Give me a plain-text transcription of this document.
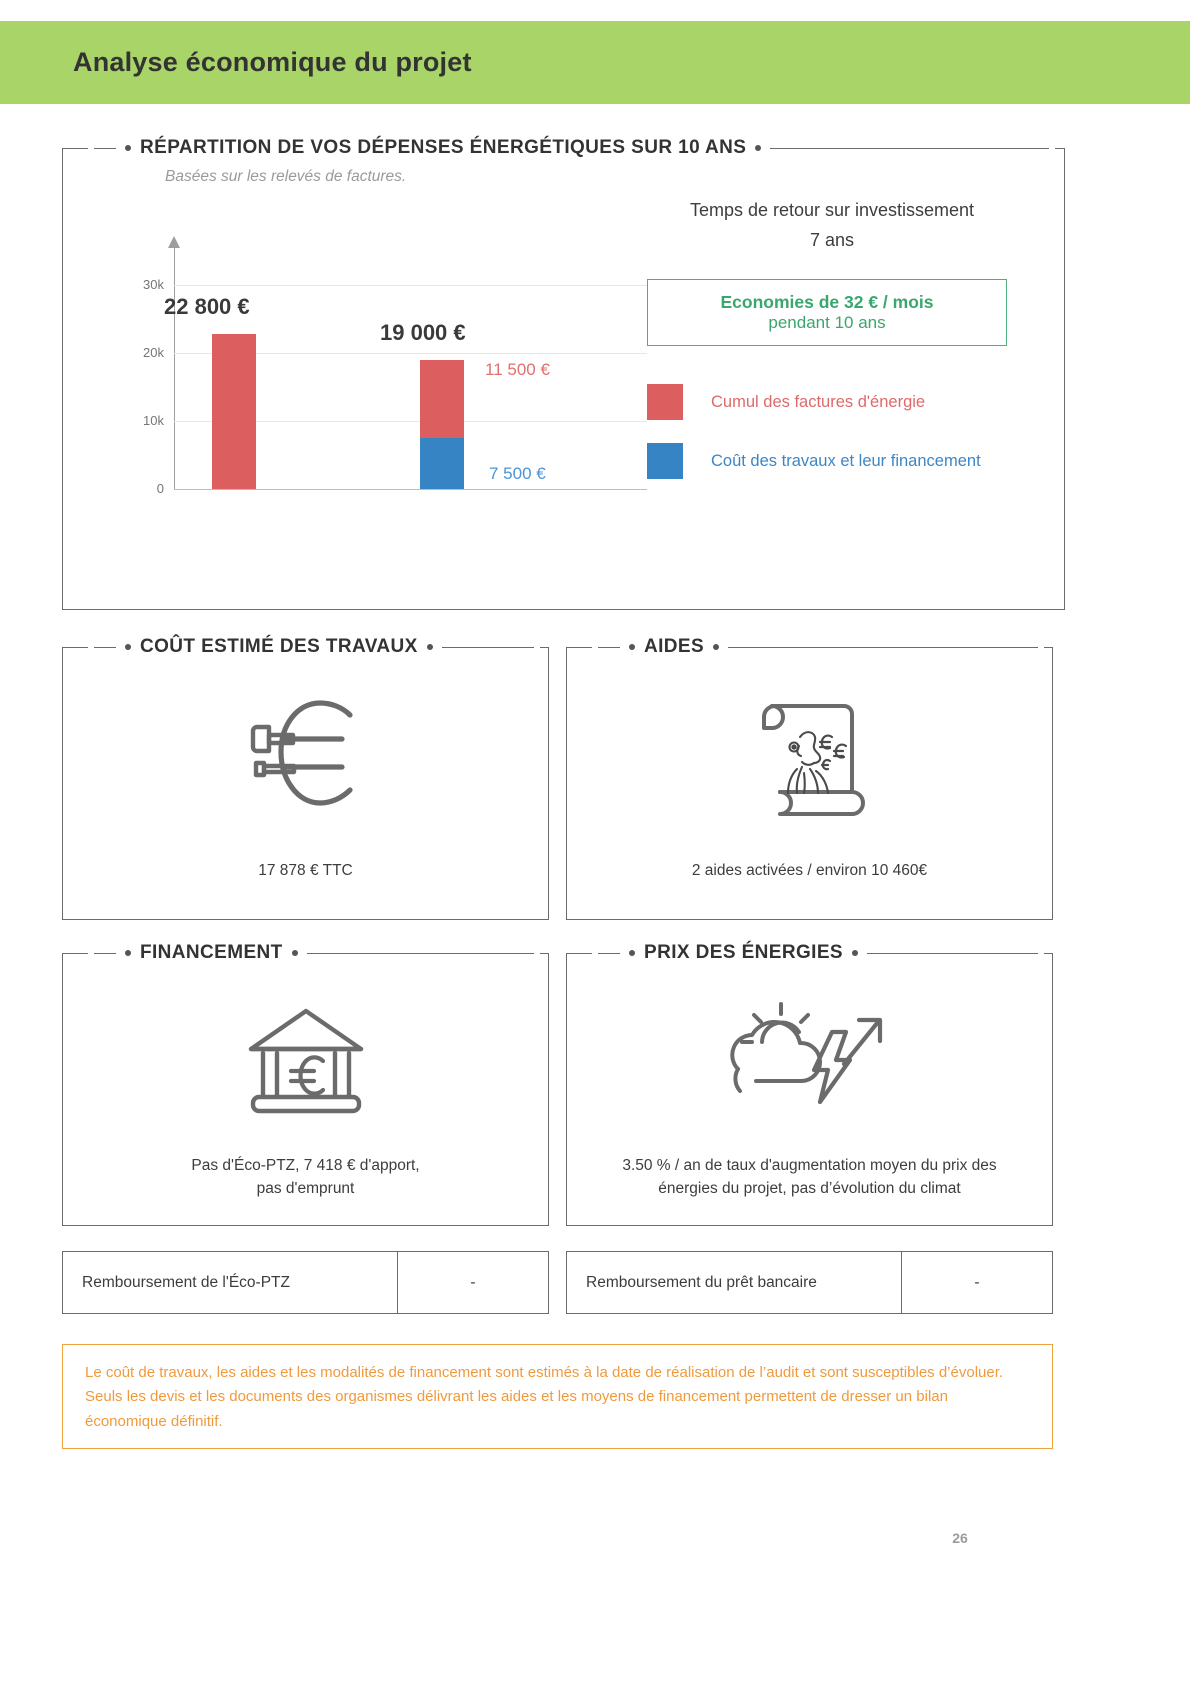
Analyse économique du projet
RÉPARTITION DE VOS DÉPENSES ÉNERGÉTIQUES SUR 10 ANS
Basées sur les relevés de factures.
30k
20k
10k
0
22 800 €
19 000 €
11 500 €
7 500 €
Temps de retour sur investissement
7 ans
Economies de 32 € / mois
pendant 10 ans
Cumul des factures d'énergie
Coût des travaux et leur financement
COÛT ESTIMÉ DES TRAVAUX
17 878 € TTC
AIDES
2 aides activées / environ 10 460€
FINANCEMENT
Pas d'Éco-PTZ, 7 418 € d'apport,
pas d'emprunt
PRIX DES ÉNERGIES
3.50 % / an de taux d'augmentation moyen du prix des
énergies du projet, pas d’évolution du climat
Remboursement de l'Éco-PTZ	-	Remboursement du prêt bancaire	-
Le coût de travaux, les aides et les modalités de financement sont estimés à la date de réalisation de l’audit et sont susceptibles d’évoluer. Seuls les devis et les documents des organismes délivrant les aides et les moyens de financement permettent de dresser un bilan économique définitif.
26
